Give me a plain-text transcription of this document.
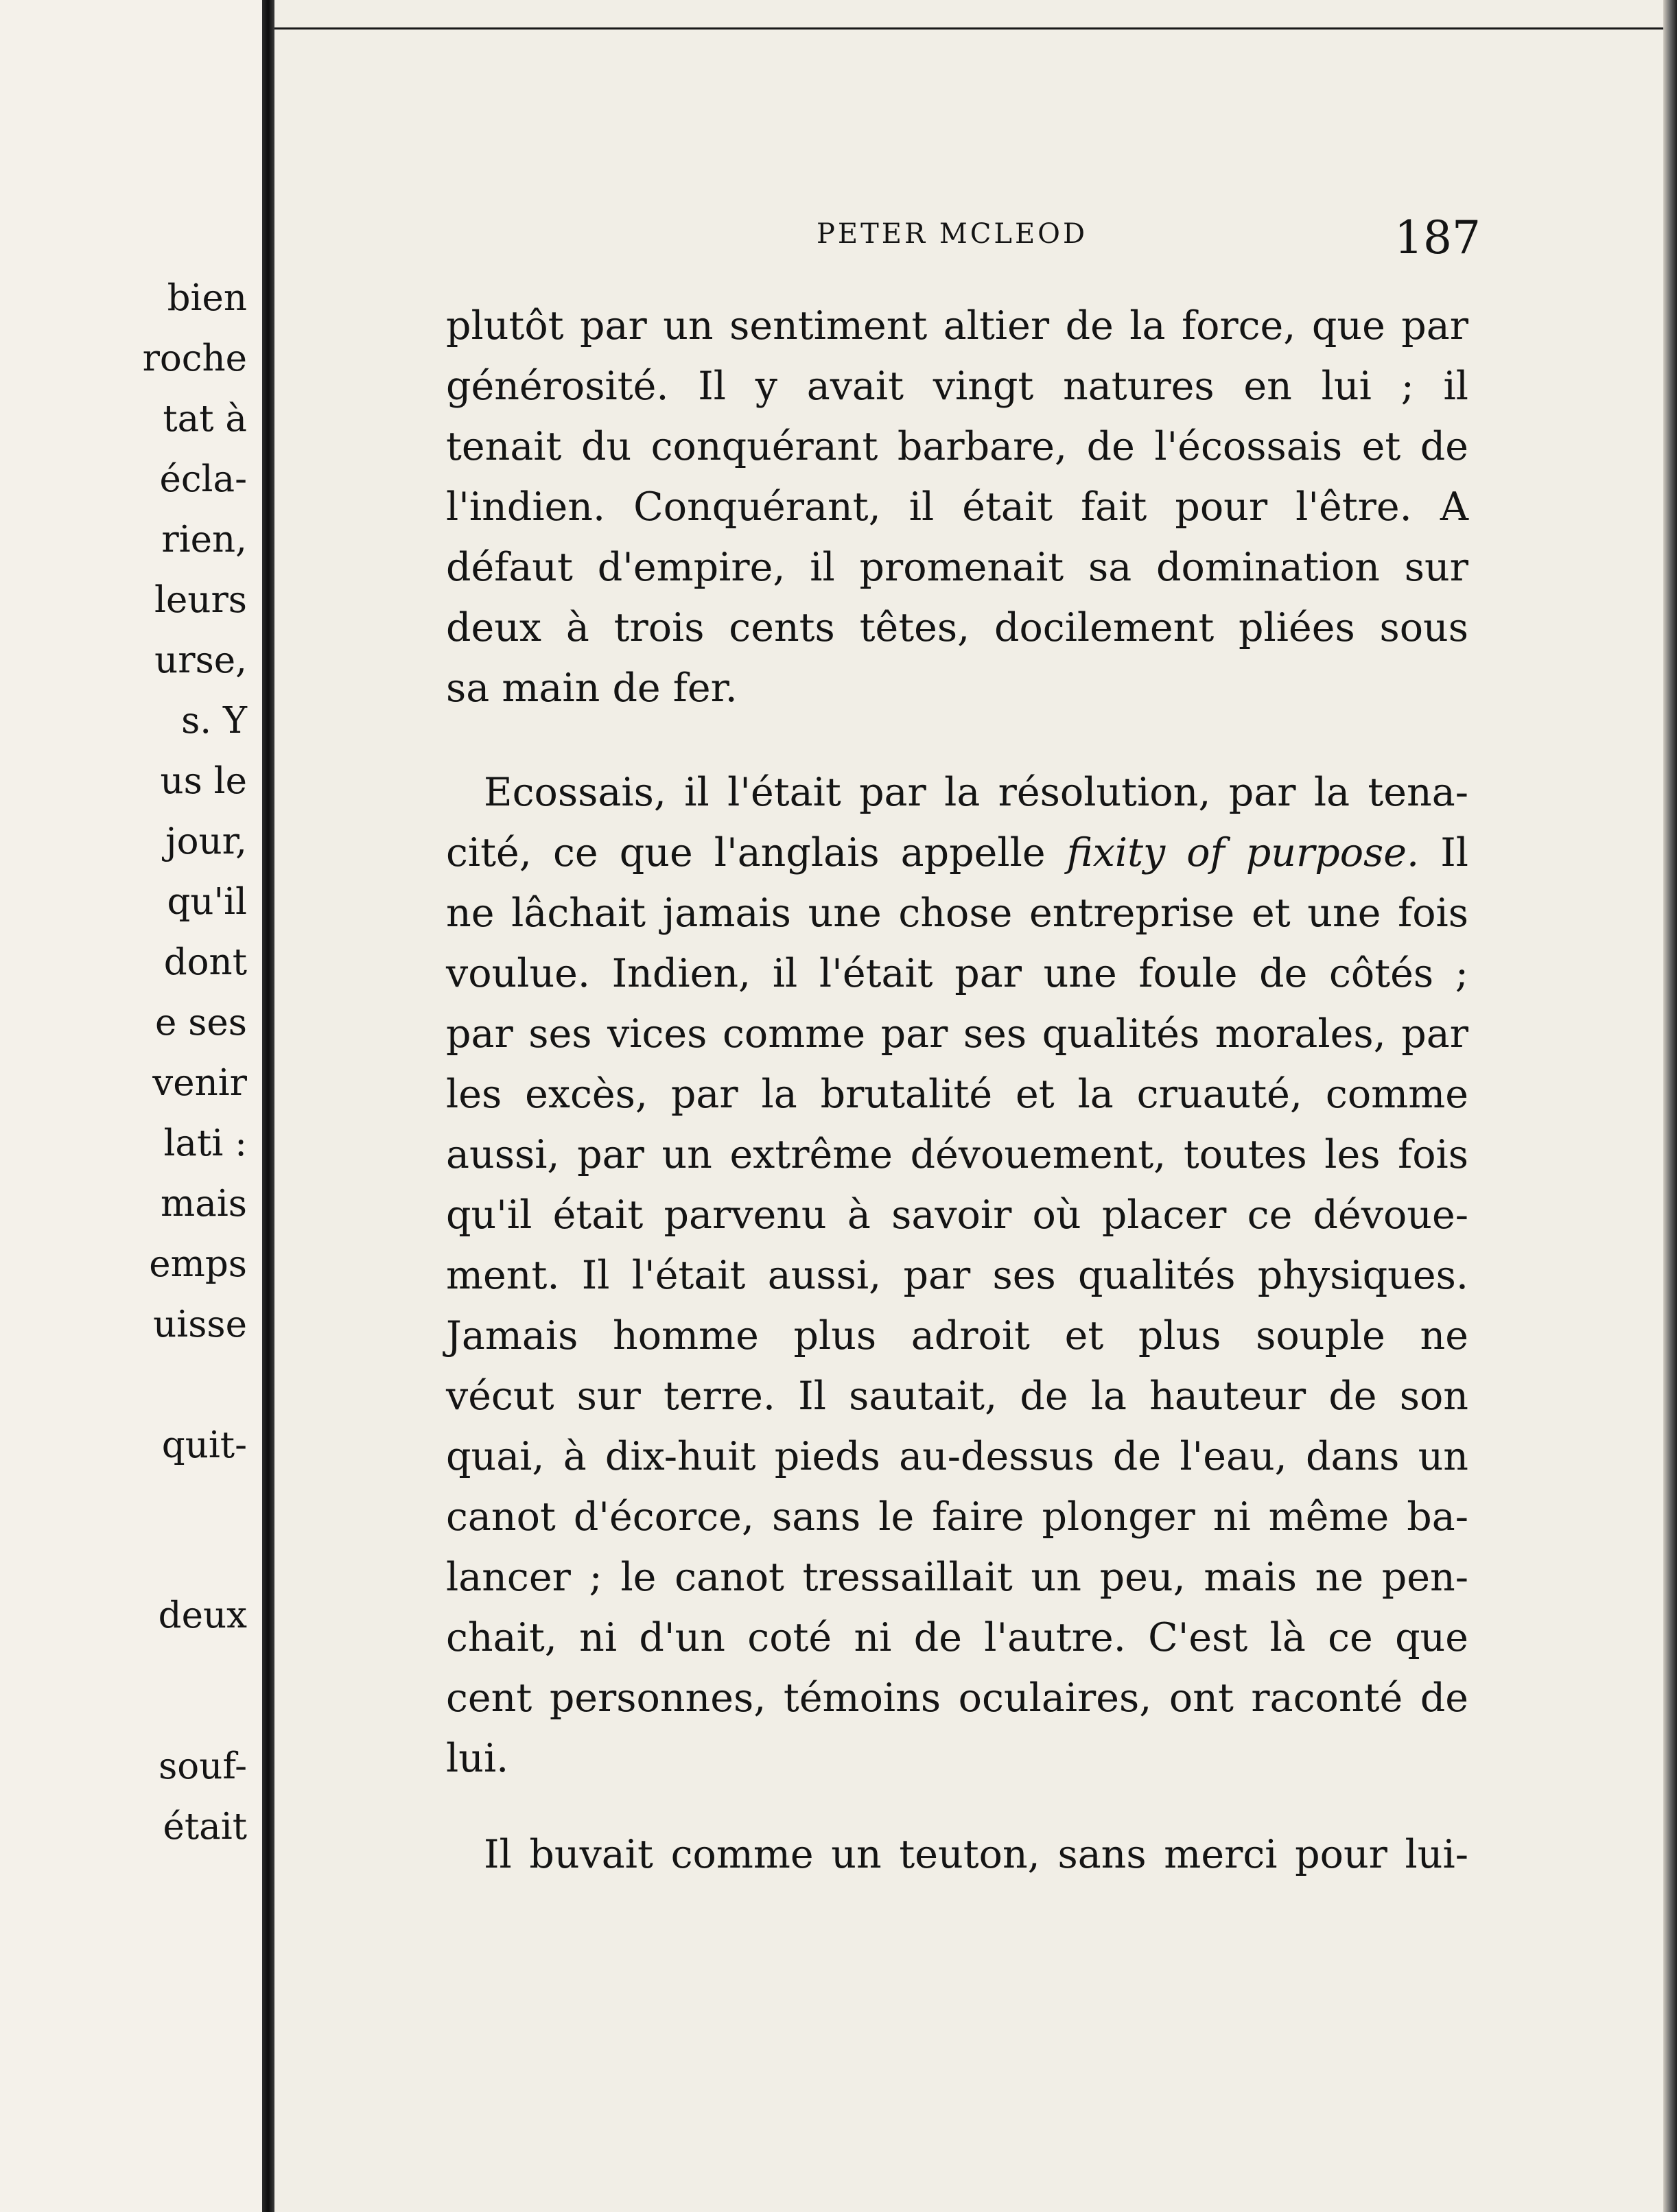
bien
roche
tat à
écla-
rien,
leurs
urse,
s. Y
us le
jour,
qu'il
dont
e ses
venir
lati :
mais
emps
uisse
quit-
deux
souf-
était
PETER MCLEOD	187
plutôt par un sentiment altier de la force, que par
générosité. Il y avait vingt natures en lui ; il
tenait du conquérant barbare, de l'écossais et de
l'indien. Conquérant, il était fait pour l'être. A
défaut d'empire, il promenait sa domination sur
deux à trois cents têtes, docilement pliées sous
sa main de fer.
Ecossais, il l'était par la résolution, par la tena-
cité, ce que l'anglais appelle fixity of purpose. Il
ne lâchait jamais une chose entreprise et une fois
voulue. Indien, il l'était par une foule de côtés ;
par ses vices comme par ses qualités morales, par
les excès, par la brutalité et la cruauté, comme
aussi, par un extrême dévouement, toutes les fois
qu'il était parvenu à savoir où placer ce dévoue-
ment. Il l'était aussi, par ses qualités physiques.
Jamais homme plus adroit et plus souple ne
vécut sur terre. Il sautait, de la hauteur de son
quai, à dix-huit pieds au-dessus de l'eau, dans un
canot d'écorce, sans le faire plonger ni même ba-
lancer ; le canot tressaillait un peu, mais ne pen-
chait, ni d'un coté ni de l'autre. C'est là ce que
cent personnes, témoins oculaires, ont raconté de
lui.
Il buvait comme un teuton, sans merci pour lui-
